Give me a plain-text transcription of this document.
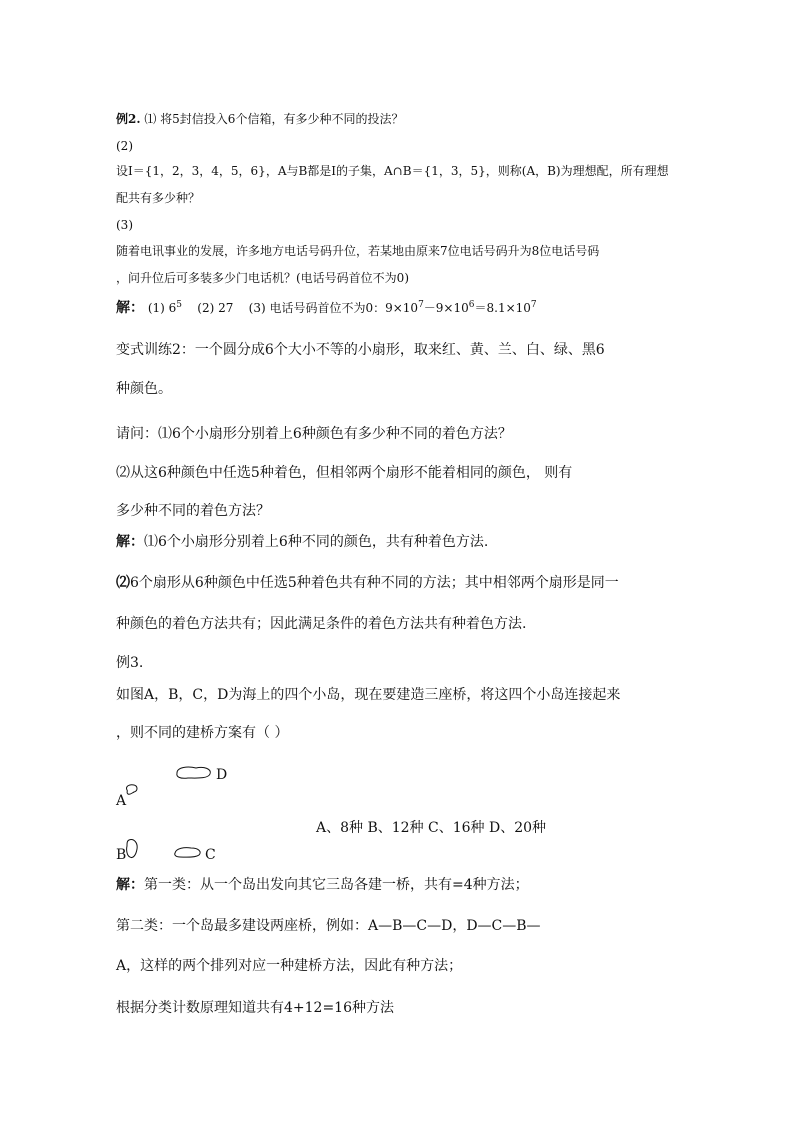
例2. ⑴ 将5封信投入6个信箱，有多少种不同的投法？
(2)
设I＝{1，2，3，4，5，6}，A与B都是I的子集，A∩B＝{1，3，5}，则称(A，B)为理想配，所有理想
配共有多少种？
(3)
随着电讯事业的发展，许多地方电话号码升位，若某地由原来7位电话号码升为8位电话号码
，问升位后可多装多少门电话机？(电话号码首位不为0)
解： (1) $6^5$ (2) 27 (3) 电话号码首位不为0：$9\times 10^7-9\times 10^6=8.1\times 10^7$
变式训练2：一个圆分成6个大小不等的小扇形，取来红、黄、兰、白、绿、黑6
种颜色。
请问：⑴6个小扇形分别着上6种颜色有多少种不同的着色方法？
⑵从这6种颜色中任选5种着色，但相邻两个扇形不能着相同的颜色， 则有
多少种不同的着色方法？
解：⑴6个小扇形分别着上6种不同的颜色，共有种着色方法.
⑵6个扇形从6种颜色中任选5种着色共有种不同的方法；其中相邻两个扇形是同一
种颜色的着色方法共有；因此满足条件的着色方法共有种着色方法.
例3.
如图A，B，C，D为海上的四个小岛，现在要建造三座桥，将这四个小岛连接起来
，则不同的建桥方案有（ ）
D
A
A、8种 B、12种 C、16种 D、20种
B	C
解：第一类：从一个岛出发向其它三岛各建一桥，共有=4种方法；
第二类：一个岛最多建设两座桥，例如：A—B—C—D，D—C—B—
A，这样的两个排列对应一种建桥方法，因此有种方法；
根据分类计数原理知道共有4+12=16种方法
